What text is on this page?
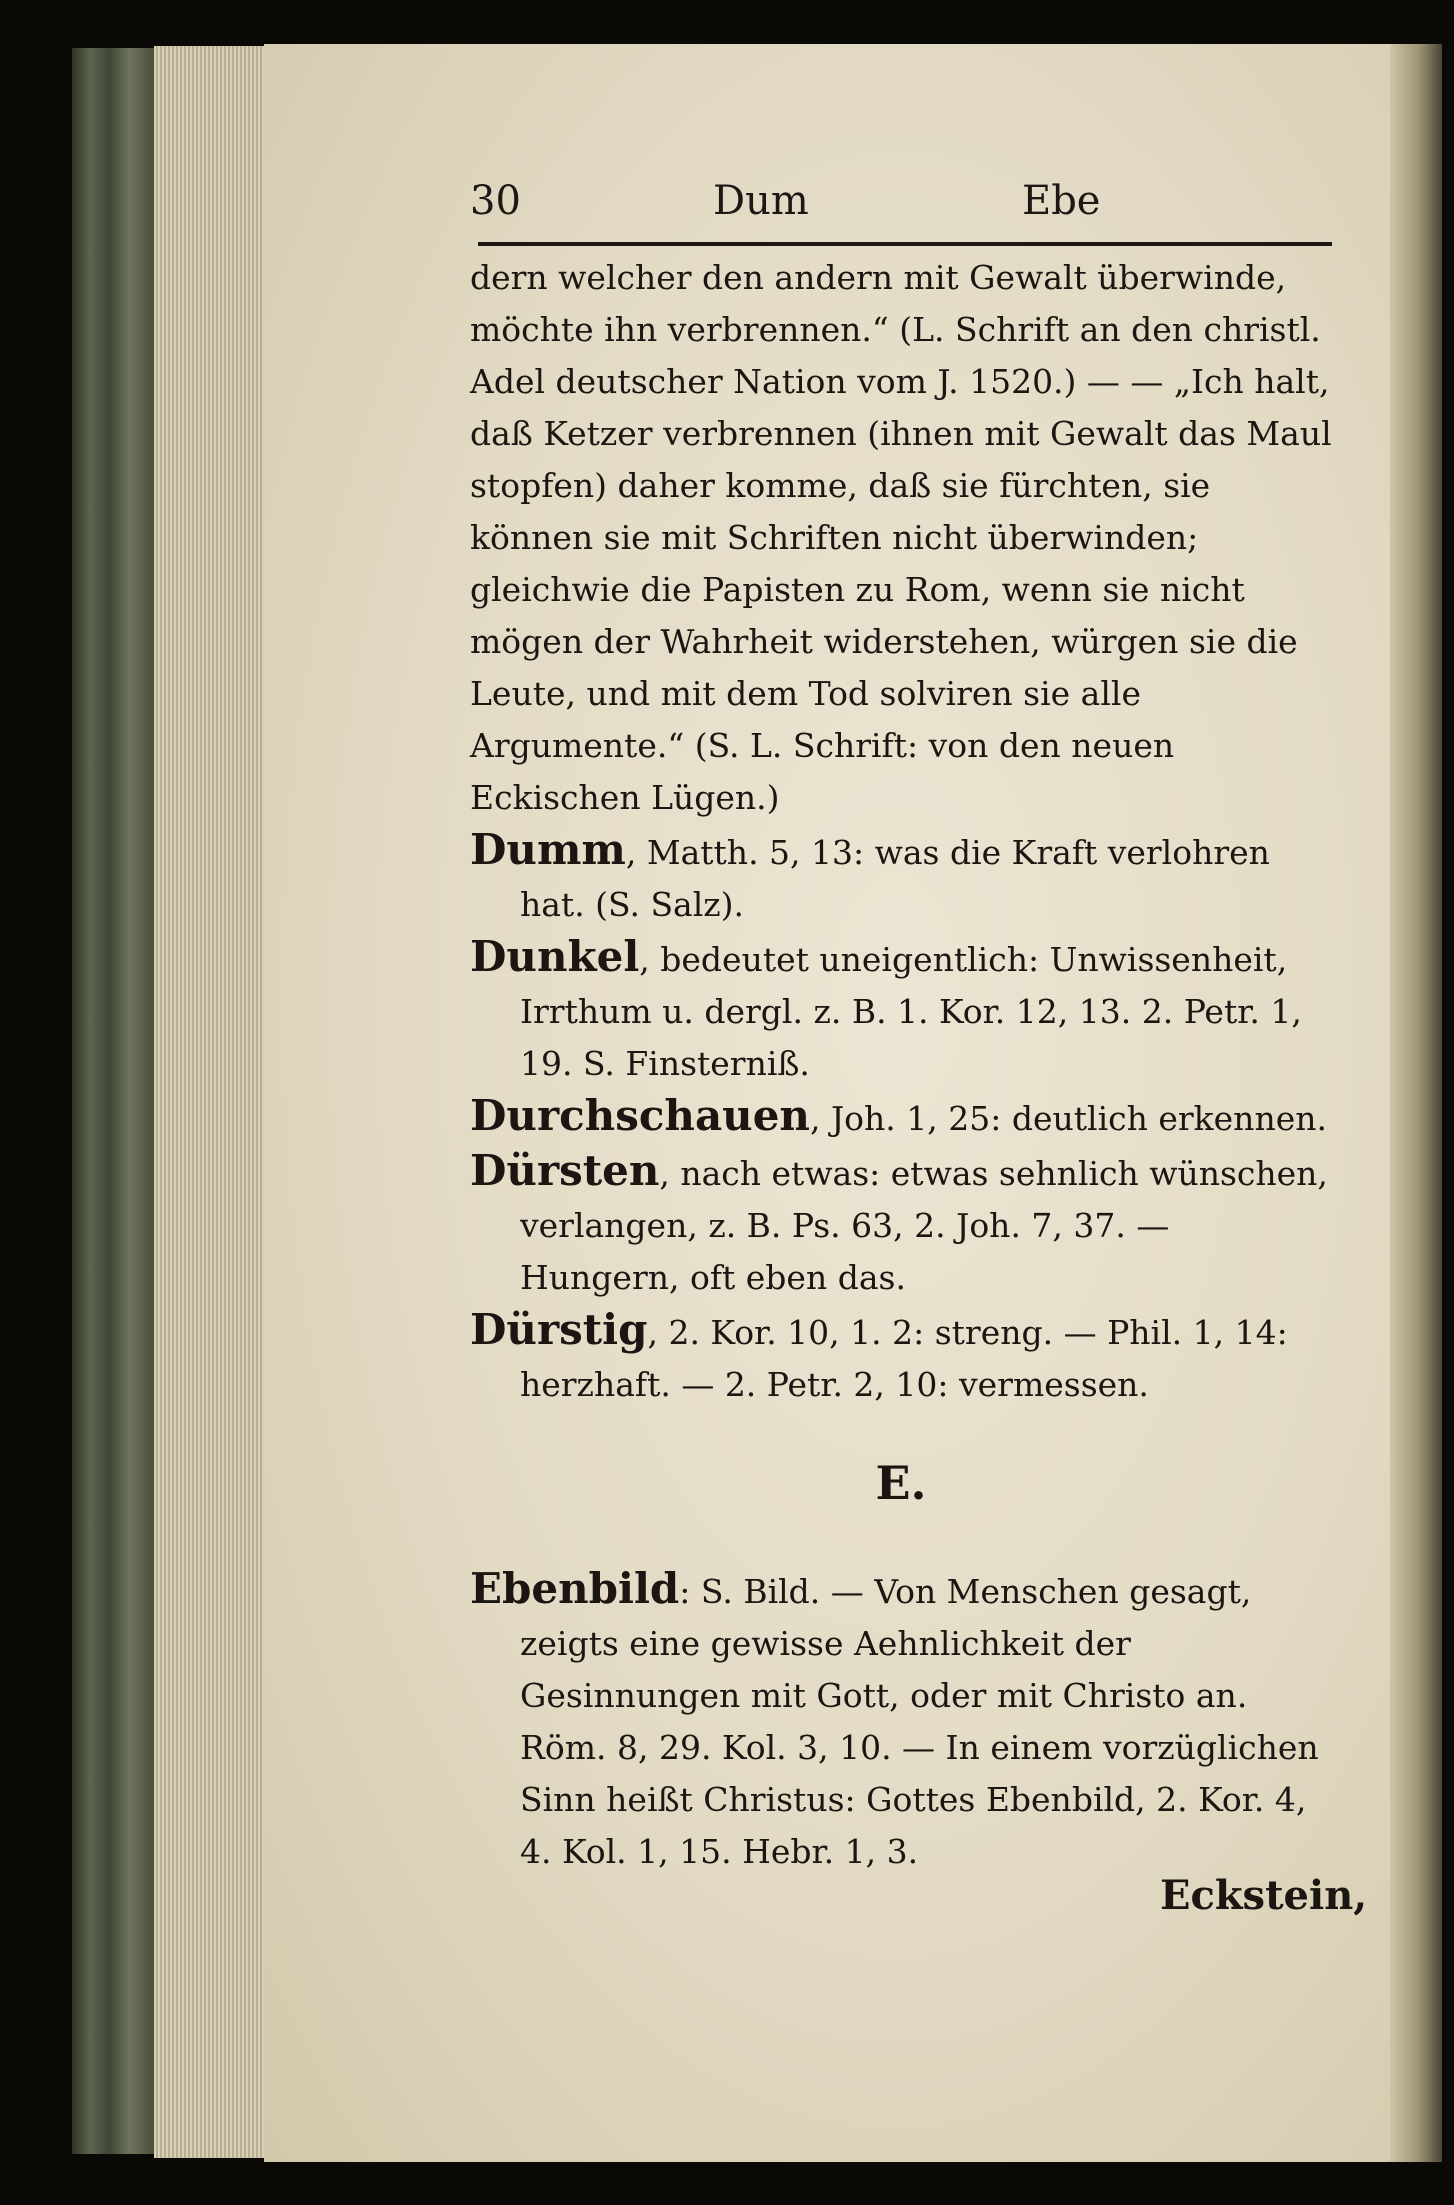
30	Dum	Ebe

dern welcher den andern mit Gewalt überwinde, möchte ihn verbrennen.“ (L. Schrift an den christl. Adel deutscher Nation vom J. 1520.) — — „Ich halt, daß Ketzer verbrennen (ihnen mit Gewalt das Maul stopfen) daher komme, daß sie fürchten, sie können sie mit Schriften nicht überwinden; gleichwie die Papisten zu Rom, wenn sie nicht mögen der Wahrheit widerstehen, würgen sie die Leute, und mit dem Tod solviren sie alle Argumente.“ (S. L. Schrift: von den neuen Eckischen Lügen.)

Dumm, Matth. 5, 13: was die Kraft verlohren hat. (S. Salz).

Dunkel, bedeutet uneigentlich: Unwissenheit, Irrthum u. dergl. z. B. 1. Kor. 12, 13. 2. Petr. 1, 19. S. Finsterniß.

Durchschauen, Joh. 1, 25: deutlich erkennen.

Dürsten, nach etwas: etwas sehnlich wünschen, verlangen, z. B. Ps. 63, 2. Joh. 7, 37. — Hungern, oft eben das.

Dürstig, 2. Kor. 10, 1. 2: streng. — Phil. 1, 14: herzhaft. — 2. Petr. 2, 10: vermessen.

E.

Ebenbild: S. Bild. — Von Menschen gesagt, zeigts eine gewisse Aehnlichkeit der Gesinnungen mit Gott, oder mit Christo an. Röm. 8, 29. Kol. 3, 10. — In einem vorzüglichen Sinn heißt Christus: Gottes Ebenbild, 2. Kor. 4, 4. Kol. 1, 15. Hebr. 1, 3.

Eckstein,
